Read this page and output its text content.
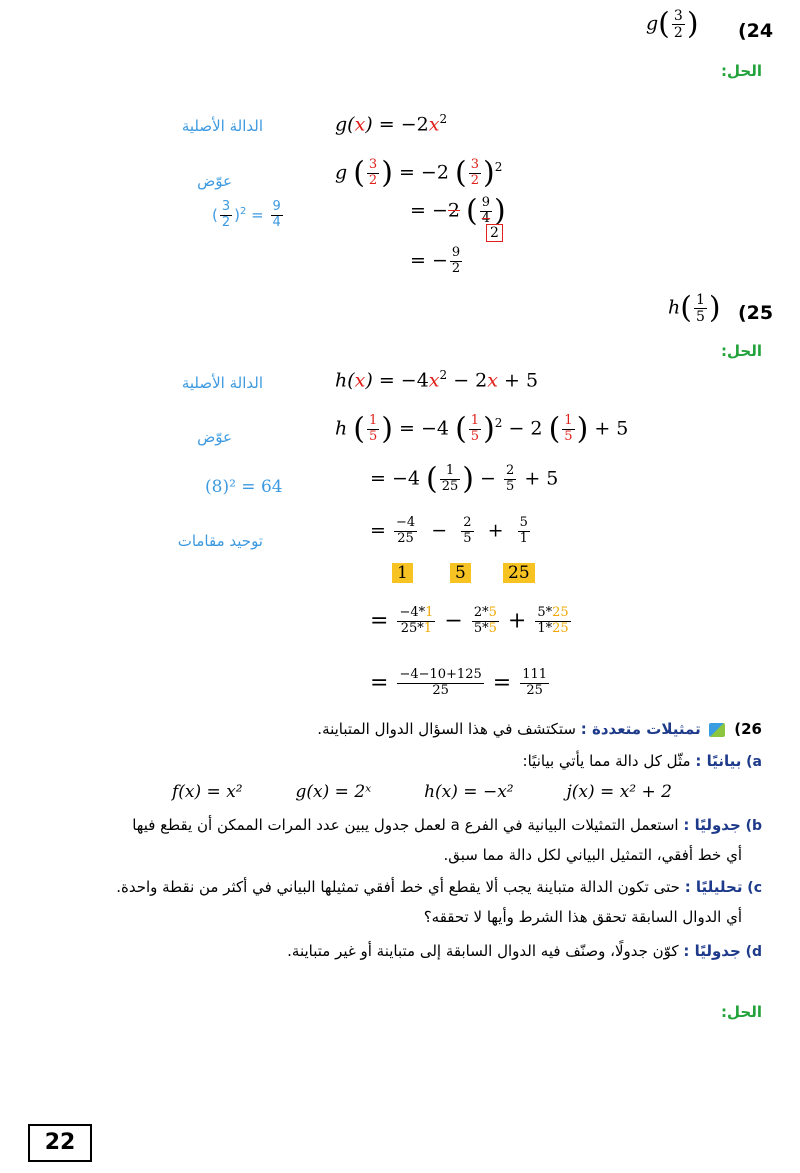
$g( \frac{3}{2}$ ) (24
الحل:
الدالة الأصلية	$g(x) = -2x^2$
عوّض	g ( $\frac{3}{2}$ ) = −2 ( $\frac{3}{2} )^2$
( $\frac{3}{2} )^2 = \frac{9}{4}$	= −2 ( $\frac{9}{4}$ )
2
= − $\frac{9}{2}$
$h( \frac{1}{5}$ ) (25
الحل:
الدالة الأصلية	$h(x) = -4x^2 - 2x + 5$
عوّض	h ( $\frac{1}{5}$ ) = −4 ( $\frac{1}{5} )^2 - 2$ ( $\frac{1}{5}$ ) + 5
(8)² = 64	= −4 ( $\frac{1}{25}$ ) − $\frac{2}{5} + 5$
توحيد مقامات	= $\frac{-4}{25} - \frac{2}{5} + \frac{5}{1}$
1	5 25
= $\frac{-4*1}{25*1} - \frac{2*5}{5*5} + \frac{5*25}{1*25}$
= $\frac{-4-10+125}{25} = \frac{111}{25}$
26)  تمثيلات متعددة : ستكتشف في هذا السؤال الدوال المتباينة.
a) بيانيًا : مثّل كل دالة مما يأتي بيانيًا:
f(x) = x²	g(x) = 2ˣ	h(x) = −x²	j(x) = x² + 2
b) جدوليًا : استعمل التمثيلات البيانية في الفرع a لعمل جدول يبين عدد المرات الممكن أن يقطع فيها
أي خط أفقي، التمثيل البياني لكل دالة مما سبق.
c) تحليليًا : حتى تكون الدالة متباينة يجب ألا يقطع أي خط أفقي تمثيلها البياني في أكثر من نقطة واحدة.
أي الدوال السابقة تحقق هذا الشرط وأيها لا تحققه؟
d) جدوليًا : كوّن جدولًا، وصنّف فيه الدوال السابقة إلى متباينة أو غير متباينة.
الحل:
22
